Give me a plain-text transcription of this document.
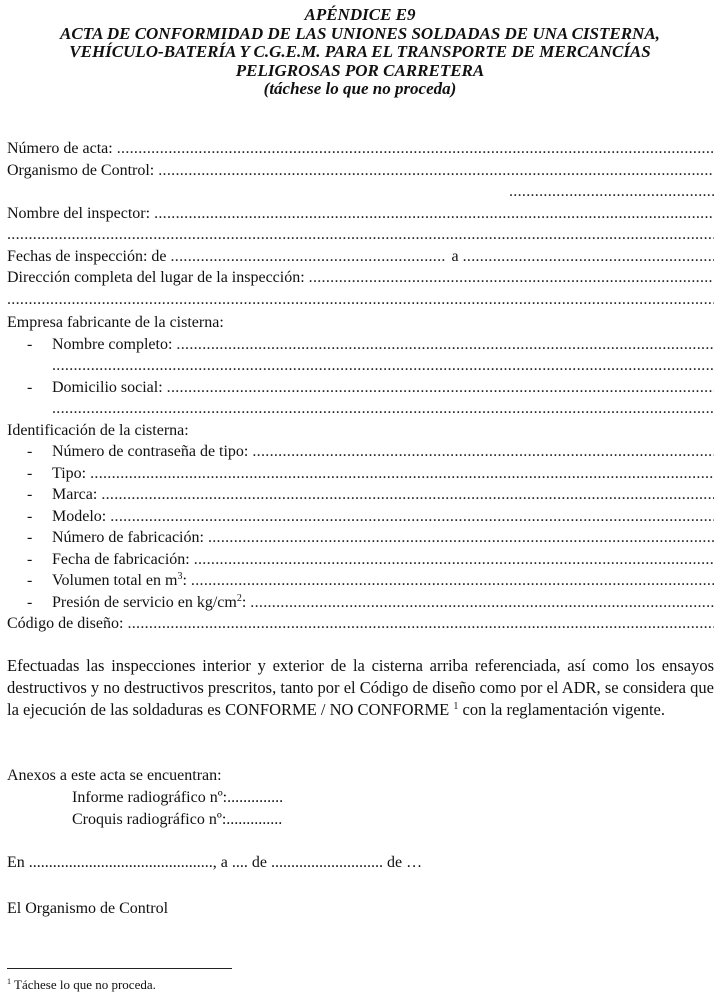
APÉNDICE E9
ACTA DE CONFORMIDAD DE LAS UNIONES SOLDADAS DE UNA CISTERNA,
VEHÍCULO-BATERÍA Y C.G.E.M. PARA EL TRANSPORTE DE MERCANCÍAS
PELIGROSAS POR CARRETERA
(táchese lo que no proceda)
Número de acta:
.....
Organismo de Control:
.....
.....
Nombre del inspector:
.....
.....
Fechas de inspección: de
.....	a
.....
Dirección completa del lugar de la inspección:
.....
.....
Empresa fabricante de la cisterna:
-	Nombre completo:
.....
.....
-	Domicilio social:
.....
.....
Identificación de la cisterna:
-	Número de contraseña de tipo:
.....
-	Tipo:
.....
-	Marca:
.....
-	Modelo:
.....
-	Número de fabricación:
.....
-	Fecha de fabricación:
.....
-	Volumen total en $m^3$:
.....
-	Presión de servicio en $kg/cm^2$:
.....
Código de diseño:
.....
Efectuadas las inspecciones interior y exterior de la cisterna arriba referenciada, así como los ensayos destructivos y no destructivos prescritos, tanto por el Código de diseño como por el ADR, se considera que la ejecución de las soldaduras es CONFORME / NO CONFORME $^1$ con la reglamentación vigente.
Anexos a este acta se encuentran:
Informe radiográfico nº:..............
Croquis radiográfico nº:..............
En .............................................., a .... de ............................ de …
El Organismo de Control
$^1$ Táchese lo que no proceda.
